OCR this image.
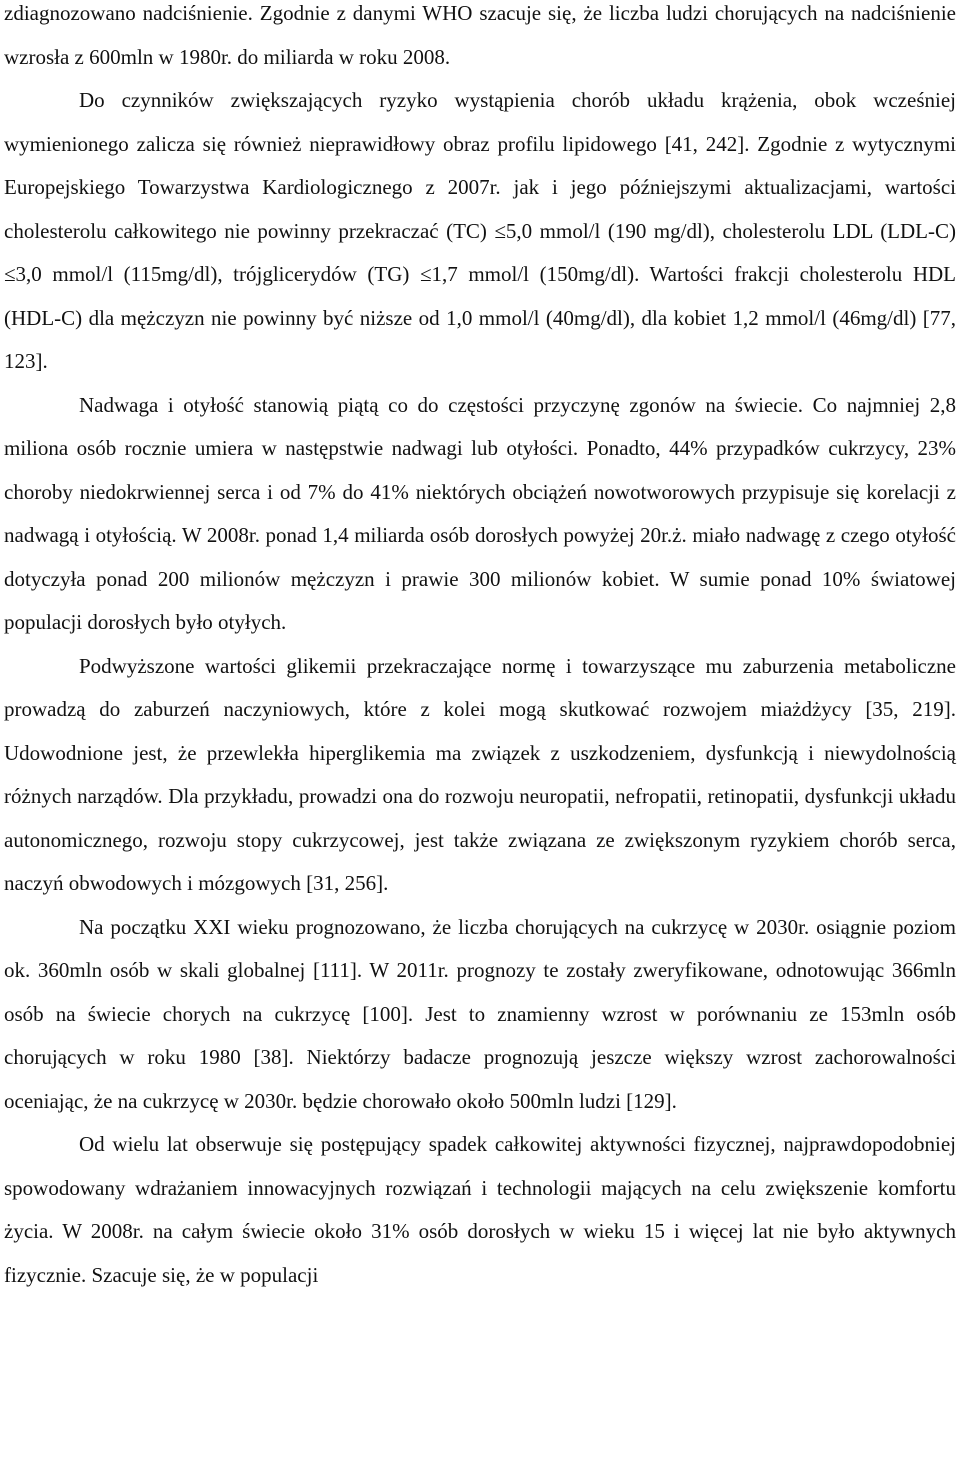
zdiagnozowano nadciśnienie. Zgodnie z danymi WHO szacuje się, że liczba ludzi chorujących na nadciśnienie wzrosła z 600mln w 1980r. do miliarda w roku 2008.

Do czynników zwiększających ryzyko wystąpienia chorób układu krążenia, obok wcześniej wymienionego zalicza się również nieprawidłowy obraz profilu lipidowego [41, 242]. Zgodnie z wytycznymi Europejskiego Towarzystwa Kardiologicznego z 2007r. jak i jego późniejszymi aktualizacjami, wartości cholesterolu całkowitego nie powinny przekraczać (TC) ≤5,0 mmol/l (190 mg/dl), cholesterolu LDL (LDL-C) ≤3,0 mmol/l (115mg/dl), trójglicerydów (TG) ≤1,7 mmol/l (150mg/dl). Wartości frakcji cholesterolu HDL (HDL-C) dla mężczyzn nie powinny być niższe od 1,0 mmol/l (40mg/dl), dla kobiet 1,2 mmol/l (46mg/dl) [77, 123].

Nadwaga i otyłość stanowią piątą co do częstości przyczynę zgonów na świecie. Co najmniej 2,8 miliona osób rocznie umiera w następstwie nadwagi lub otyłości. Ponadto, 44% przypadków cukrzycy, 23% choroby niedokrwiennej serca i od 7% do 41% niektórych obciążeń nowotworowych przypisuje się korelacji z nadwagą i otyłością. W 2008r. ponad 1,4 miliarda osób dorosłych powyżej 20r.ż. miało nadwagę z czego otyłość dotyczyła ponad 200 milionów mężczyzn i prawie 300 milionów kobiet. W sumie ponad 10% światowej populacji dorosłych było otyłych.

Podwyższone wartości glikemii przekraczające normę i towarzyszące mu zaburzenia metaboliczne prowadzą do zaburzeń naczyniowych, które z kolei mogą skutkować rozwojem miażdżycy [35, 219]. Udowodnione jest, że przewlekła hiperglikemia ma związek z uszkodzeniem, dysfunkcją i niewydolnością różnych narządów. Dla przykładu, prowadzi ona do rozwoju neuropatii, nefropatii, retinopatii, dysfunkcji układu autonomicznego, rozwoju stopy cukrzycowej, jest także związana ze zwiększonym ryzykiem chorób serca, naczyń obwodowych i mózgowych [31, 256].

Na początku XXI wieku prognozowano, że liczba chorujących na cukrzycę w 2030r. osiągnie poziom ok. 360mln osób w skali globalnej [111]. W 2011r. prognozy te zostały zweryfikowane, odnotowując 366mln osób na świecie chorych na cukrzycę [100]. Jest to znamienny wzrost w porównaniu ze 153mln osób chorujących w roku 1980 [38]. Niektórzy badacze prognozują jeszcze większy wzrost zachorowalności oceniając, że na cukrzycę w 2030r. będzie chorowało około 500mln ludzi [129].

Od wielu lat obserwuje się postępujący spadek całkowitej aktywności fizycznej, najprawdopodobniej spowodowany wdrażaniem innowacyjnych rozwiązań i technologii mających na celu zwiększenie komfortu życia. W 2008r. na całym świecie około 31% osób dorosłych w wieku 15 i więcej lat nie było aktywnych fizycznie. Szacuje się, że w populacji
